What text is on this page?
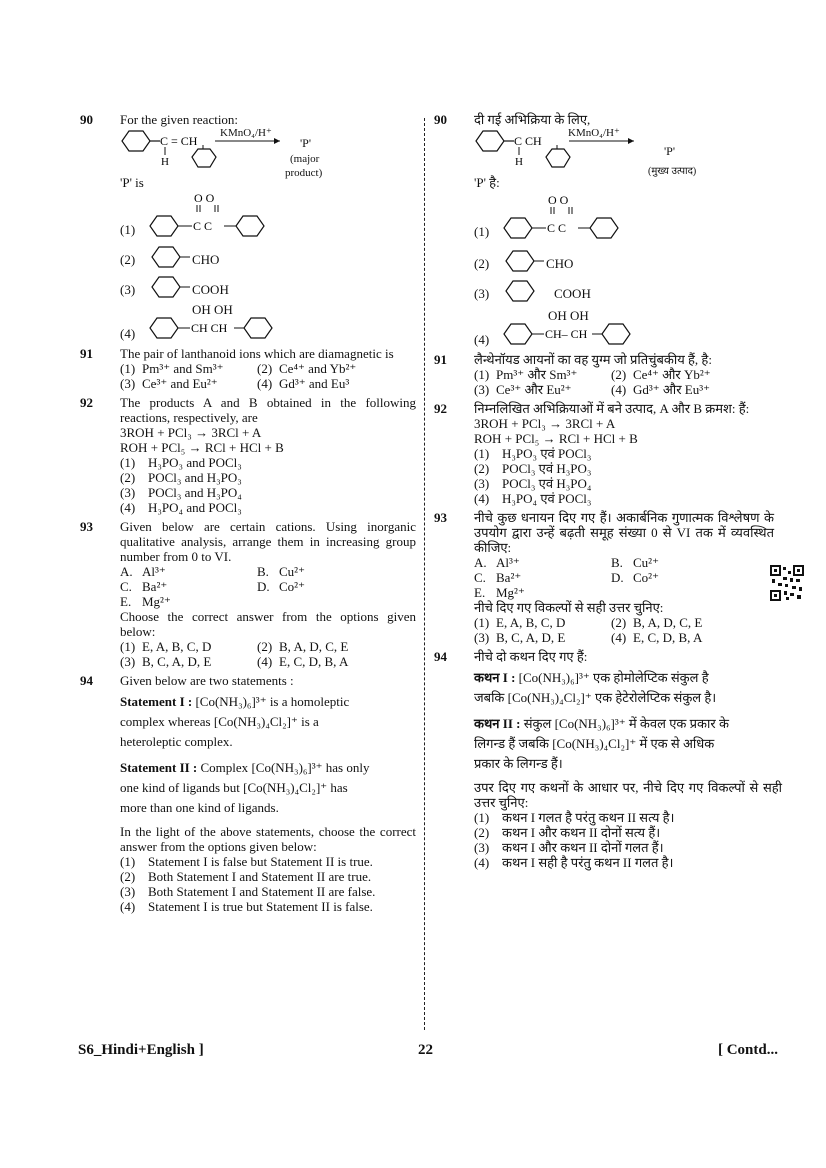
90 For the given reaction:
C = CH
H
KMnO₄/H⁺
'P'
(major
product)
'P' is
(1)
O O
C C
(2)	CHO
(3)	COOH
OH OH
(4)	CH CH
91 The pair of lanthanoid ions which are diamagnetic is
(1) Pm³⁺ and Sm³⁺	(2) Ce⁴⁺ and Yb²⁺
(3) Ce³⁺ and Eu²⁺	(4) Gd³⁺ and Eu³
92 The products A and B obtained in the following reactions, respectively, are
3ROH + PCl₃ → 3RCl + A
ROH + PCl₅ → RCl + HCl + B
(1) H₃PO₃ and POCl₃
(2) POCl₃ and H₃PO₃
(3) POCl₃ and H₃PO₄
(4) H₃PO₄ and POCl₃
93 Given below are certain cations. Using inorganic qualitative analysis, arrange them in increasing group number from 0 to VI.
A. Al³⁺	B. Cu²⁺
C. Ba²⁺	D. Co²⁺
E. Mg²⁺
Choose the correct answer from the options given below:
(1) E, A, B, C, D	(2) B, A, D, C, E
(3) B, C, A, D, E	(4) E, C, D, B, A
94 Given below are two statements :
Statement I : [Co(NH₃)₆]³⁺ is a homoleptic
complex whereas [Co(NH₃)₄Cl₂]⁺ is a
heteroleptic complex.
Statement II : Complex [Co(NH₃)₆]³⁺ has only
one kind of ligands but [Co(NH₃)₄Cl₂]⁺ has
more than one kind of ligands.
In the light of the above statements, choose the correct answer from the options given below:
(1) Statement I is false but Statement II is true.
(2) Both Statement I and Statement II are true.
(3) Both Statement I and Statement II are false.
(4) Statement I is true but Statement II is false.
90 दी गई अभिक्रिया के लिए,
C CH
H
KMnO₄/H⁺
'P'
(मुख्य उत्पाद)
'P' है:
(1)
O O
C C
(2)	CHO
(3)	COOH
OH OH
(4)	CH– CH
91 लैन्थेनॉयड आयनों का वह युग्म जो प्रतिचुंबकीय हैं, है:
(1) Pm³⁺ और Sm³⁺	(2) Ce⁴⁺ और Yb²⁺
(3) Ce³⁺ और Eu²⁺	(4) Gd³⁺ और Eu³⁺
92 निम्नलिखित अभिक्रियाओं में बने उत्पाद, A और B क्रमश: हैं:
3ROH + PCl₃ → 3RCl + A
ROH + PCl₅ → RCl + HCl + B
(1) H₃PO₃ एवं POCl₃
(2) POCl₃ एवं H₃PO₃
(3) POCl₃ एवं H₃PO₄
(4) H₃PO₄ एवं POCl₃
93 नीचे कुछ धनायन दिए गए हैं। अकार्बनिक गुणात्मक विश्लेषण के उपयोग द्वारा उन्हें बढ़ती समूह संख्या 0 से VI तक में व्यवस्थित कीजिए:
A. Al³⁺	B. Cu²⁺
C. Ba²⁺	D. Co²⁺
E. Mg²⁺
नीचे दिए गए विकल्पों से सही उत्तर चुनिए:
(1) E, A, B, C, D	(2) B, A, D, C, E
(3) B, C, A, D, E	(4) E, C, D, B, A
94 नीचे दो कथन दिए गए हैं:
कथन I : [Co(NH₃)₆]³⁺ एक होमोलेप्टिक संकुल है
जबकि [Co(NH₃)₄Cl₂]⁺ एक हेटेरोलेप्टिक संकुल है।
कथन II : संकुल [Co(NH₃)₆]³⁺ में केवल एक प्रकार के
लिगन्ड हैं जबकि [Co(NH₃)₄Cl₂]⁺ में एक से अधिक
प्रकार के लिगन्ड हैं।
उपर दिए गए कथनों के आधार पर, नीचे दिए गए विकल्पों से सही उत्तर चुनिए:
(1) कथन I गलत है परंतु कथन II सत्य है।
(2) कथन I और कथन II दोनों सत्य हैं।
(3) कथन I और कथन II दोनों गलत हैं।
(4) कथन I सही है परंतु कथन II गलत है।
S6_Hindi+English ]	22	[ Contd...
